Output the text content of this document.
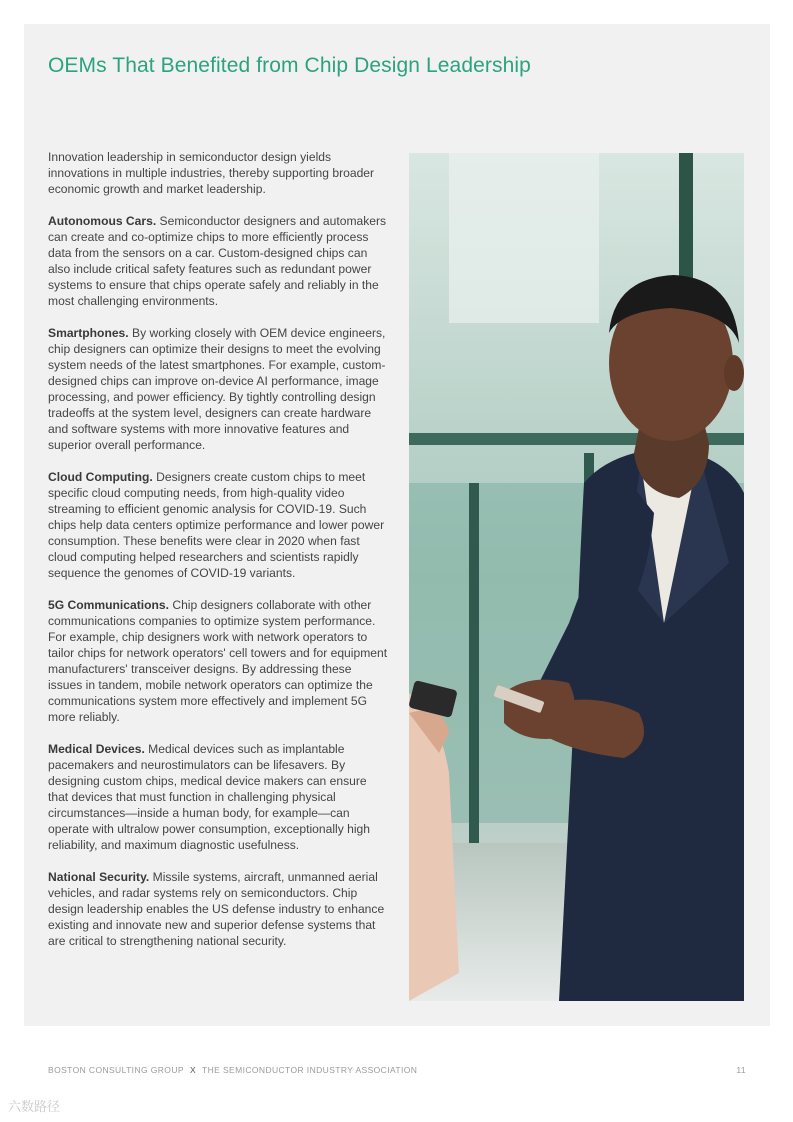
OEMs That Benefited from Chip Design Leadership

Innovation leadership in semiconductor design yields innovations in multiple industries, thereby supporting broader economic growth and market leadership.

Autonomous Cars. Semiconductor designers and automakers can create and co-optimize chips to more efficiently process data from the sensors on a car. Custom-designed chips can also include critical safety features such as redundant power systems to ensure that chips operate safely and reliably in the most challenging environments.

Smartphones. By working closely with OEM device engineers, chip designers can optimize their designs to meet the evolving system needs of the latest smartphones. For example, custom-designed chips can improve on-device AI performance, image processing, and power efficiency. By tightly controlling design tradeoffs at the system level, designers can create hardware and software systems with more innovative features and superior overall performance.

Cloud Computing. Designers create custom chips to meet specific cloud computing needs, from high-quality video streaming to efficient genomic analysis for COVID-19. Such chips help data centers optimize performance and lower power consumption. These benefits were clear in 2020 when fast cloud computing helped researchers and scientists rapidly sequence the genomes of COVID-19 variants.

5G Communications. Chip designers collaborate with other communications companies to optimize system performance. For example, chip designers work with network operators to tailor chips for network operators' cell towers and for equipment manufacturers' transceiver designs. By addressing these issues in tandem, mobile network operators can optimize the communications system more effectively and implement 5G more reliably.

Medical Devices. Medical devices such as implantable pacemakers and neurostimulators can be lifesavers. By designing custom chips, medical device makers can ensure that devices that must function in challenging physical circumstances—inside a human body, for example—can operate with ultralow power consumption, exceptionally high reliability, and maximum diagnostic usefulness.

National Security. Missile systems, aircraft, unmanned aerial vehicles, and radar systems rely on semiconductors. Chip design leadership enables the US defense industry to enhance existing and innovate new and superior defense systems that are critical to strengthening national security.

BOSTON CONSULTING GROUP X THE SEMICONDUCTOR INDUSTRY ASSOCIATION	11
六数路径
